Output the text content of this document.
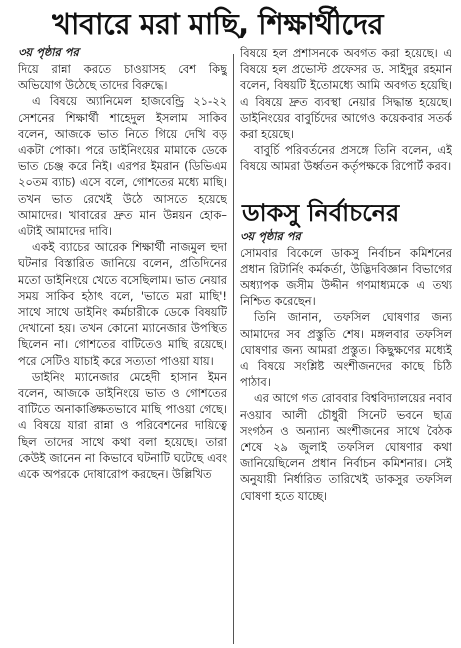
খাবারে মরা মাছি, শিক্ষার্থীদের
৩য় পৃষ্ঠার পর

দিয়ে রান্না করতে চাওয়াসহ বেশ কিছু অভিযোগ উঠেছে তাদের বিরুদ্ধে।

এ বিষয়ে অ্যানিমেল হাজবেন্ড্রি ২১-২২ সেশনের শিক্ষার্থী শাহেদুল ইসলাম সাকিব বলেন, আজকে ভাত নিতে গিয়ে দেখি বড় একটা পোকা। পরে ডাইনিংয়ের মামাকে ডেকে ভাত চেঞ্জ করে নিই। এরপর ইমরান (ডিভিএম ২০তম ব্যাচ) এসে বলে, গোশতের মধ্যে মাছি। তখন ভাত রেখেই উঠে আসতে হয়েছে আমাদের। খাবারের দ্রুত মান উন্নয়ন হোক– এটাই আমাদের দাবি।

একই ব্যাচের আরেক শিক্ষার্থী নাজমুল হুদা ঘটনার বিস্তারিত জানিয়ে বলেন, প্রতিদিনের মতো ডাইনিংয়ে খেতে বসেছিলাম। ভাত নেয়ার সময় সাকিব হঠাৎ বলে, 'ভাতে মরা মাছি'! সাথে সাথে ডাইনিং কর্মচারীকে ডেকে বিষয়টি দেখানো হয়। তখন কোনো ম্যানেজার উপস্থিত ছিলেন না। গোশতের বাটিতেও মাছি রয়েছে। পরে সেটিও যাচাই করে সত্যতা পাওয়া যায়।

ডাইনিং ম্যানেজার মেহেদী হাসান ইমন বলেন, আজকে ডাইনিংয়ে ভাত ও গোশতের বাটিতে অনাকাঙ্ক্ষিতভাবে মাছি পাওয়া গেছে। এ বিষয়ে যারা রান্না ও পরিবেশনের দায়িত্বে ছিল তাদের সাথে কথা বলা হয়েছে। তারা কেউই জানেন না কিভাবে ঘটনাটি ঘটেছে এবং একে অপরকে দোষারোপ করছেন। উল্লিখিত

বিষয়ে হল প্রশাসনকে অবগত করা হয়েছে। এ বিষয়ে হল প্রভোস্ট প্রফেসর ড. সাইদুর রহমান বলেন, বিষয়টি ইতোমধ্যে আমি অবগত হয়েছি। এ বিষয়ে দ্রুত ব্যবস্থা নেয়ার সিদ্ধান্ত হয়েছে। ডাইনিংয়ের বাবুর্চিদের আগেও কয়েকবার সতর্ক করা হয়েছে।

বাবুর্চি পরিবর্তনের প্রসঙ্গে তিনি বলেন, এই বিষয়ে আমরা উর্ধ্বতন কর্তৃপক্ষকে রিপোর্ট করব।

ডাকসু নির্বাচনের
৩য় পৃষ্ঠার পর

সোমবার বিকেলে ডাকসু নির্বাচন কমিশনের প্রধান রিটার্নিং কর্মকর্তা, উদ্ভিদবিজ্ঞান বিভাগের অধ্যাপক জসীম উদ্দীন গণমাধ্যমকে এ তথ্য নিশ্চিত করেছেন।

তিনি জানান, তফসিল ঘোষণার জন্য আমাদের সব প্রস্তুতি শেষ। মঙ্গলবার তফসিল ঘোষণার জন্য আমরা প্রস্তুত। কিছুক্ষণের মধ্যেই এ বিষয়ে সংশ্লিষ্ট অংশীজনদের কাছে চিঠি পাঠাব।

এর আগে গত রোববার বিশ্ববিদ্যালয়ের নবাব নওয়াব আলী চৌধুরী সিনেট ভবনে ছাত্র সংগঠন ও অন্যান্য অংশীজনের সাথে বৈঠক শেষে ২৯ জুলাই তফসিল ঘোষণার কথা জানিয়েছিলেন প্রধান নির্বাচন কমিশনার। সেই অনুযায়ী নির্ধারিত তারিখেই ডাকসুর তফসিল ঘোষণা হতে যাচ্ছে।
